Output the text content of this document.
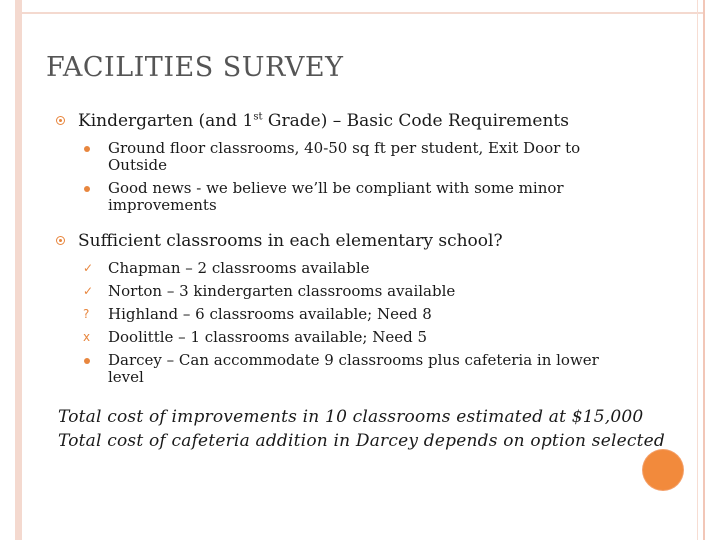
FACILITIES SURVEY
Kindergarten (and 1st Grade) – Basic Code Requirements
Ground floor classrooms, 40-50 sq ft per student, Exit Door to Outside
Good news - we believe we’ll be compliant with some minor improvements
Sufficient classrooms in each elementary school?
✓ Chapman – 2 classrooms available
✓ Norton – 3 kindergarten classrooms available
? Highland – 6 classrooms available; Need 8
x Doolittle – 1 classrooms available; Need 5
Darcey – Can accommodate 9 classrooms plus cafeteria in lower level

Total cost of improvements in 10 classrooms estimated at $15,000

Total cost of cafeteria addition in Darcey depends on option selected
